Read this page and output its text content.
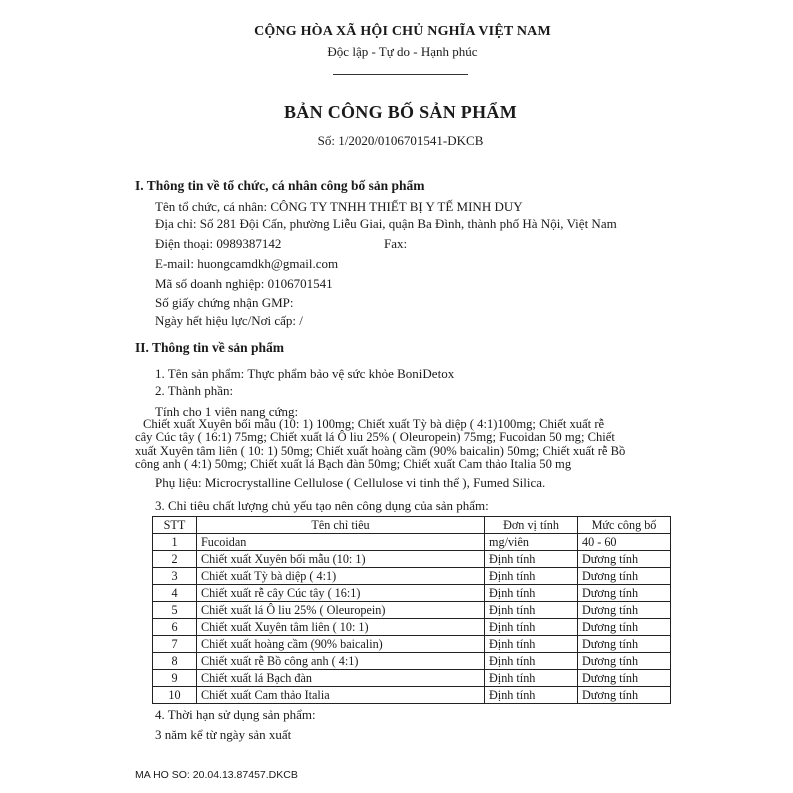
CỘNG HÒA XÃ HỘI CHỦ NGHĨA VIỆT NAM
Độc lập - Tự do - Hạnh phúc
BẢN CÔNG BỐ SẢN PHẨM
Số: 1/2020/0106701541-DKCB
I. Thông tin về tổ chức, cá nhân công bố sản phẩm
Tên tổ chức, cá nhân: CÔNG TY TNHH THIẾT BỊ Y TẾ MINH DUY
Địa chỉ: Số 281 Đội Cấn, phường Liễu Giai, quận Ba Đình, thành phố Hà Nội, Việt Nam
Điện thoại: 0989387142	Fax:
E-mail: huongcamdkh@gmail.com
Mã số doanh nghiệp: 0106701541
Số giấy chứng nhận GMP:
Ngày hết hiệu lực/Nơi cấp: /
II. Thông tin về sản phẩm
1. Tên sản phẩm: Thực phẩm bảo vệ sức khỏe BoniDetox
2. Thành phần:
Tính cho 1 viên nang cứng:
Chiết xuất Xuyên bối mẫu (10: 1) 100mg; Chiết xuất Tỳ bà diệp ( 4:1)100mg; Chiết xuất rễ
cây Cúc tây ( 16:1) 75mg; Chiết xuất lá Ô liu 25% ( Oleuropein) 75mg; Fucoidan 50 mg; Chiết
xuất Xuyên tâm liên ( 10: 1) 50mg; Chiết xuất hoàng cầm (90% baicalin) 50mg; Chiết xuất rễ Bồ
công anh ( 4:1) 50mg; Chiết xuất lá Bạch đàn 50mg; Chiết xuất Cam thảo Italia 50 mg
Phụ liệu: Microcrystalline Cellulose ( Cellulose vi tinh thể ), Fumed Silica.
3. Chỉ tiêu chất lượng chủ yếu tạo nên công dụng của sản phẩm:
STT	Tên chỉ tiêu	Đơn vị tính	Mức công bố
1	Fucoidan	mg/viên	40 - 60
2	Chiết xuất Xuyên bối mẫu (10: 1)	Định tính	Dương tính
3	Chiết xuất Tỳ bà diệp ( 4:1)	Định tính	Dương tính
4	Chiết xuất rễ cây Cúc tây ( 16:1)	Định tính	Dương tính
5	Chiết xuất lá Ô liu 25% ( Oleuropein)	Định tính	Dương tính
6	Chiết xuất Xuyên tâm liên ( 10: 1)	Định tính	Dương tính
7	Chiết xuất hoàng cầm (90% baicalin)	Định tính	Dương tính
8	Chiết xuất rễ Bồ công anh ( 4:1)	Định tính	Dương tính
9	Chiết xuất lá Bạch đàn	Định tính	Dương tính
10	Chiết xuất Cam thảo Italia	Định tính	Dương tính
4. Thời hạn sử dụng sản phẩm:
3 năm kể từ ngày sản xuất
MA HO SO: 20.04.13.87457.DKCB
